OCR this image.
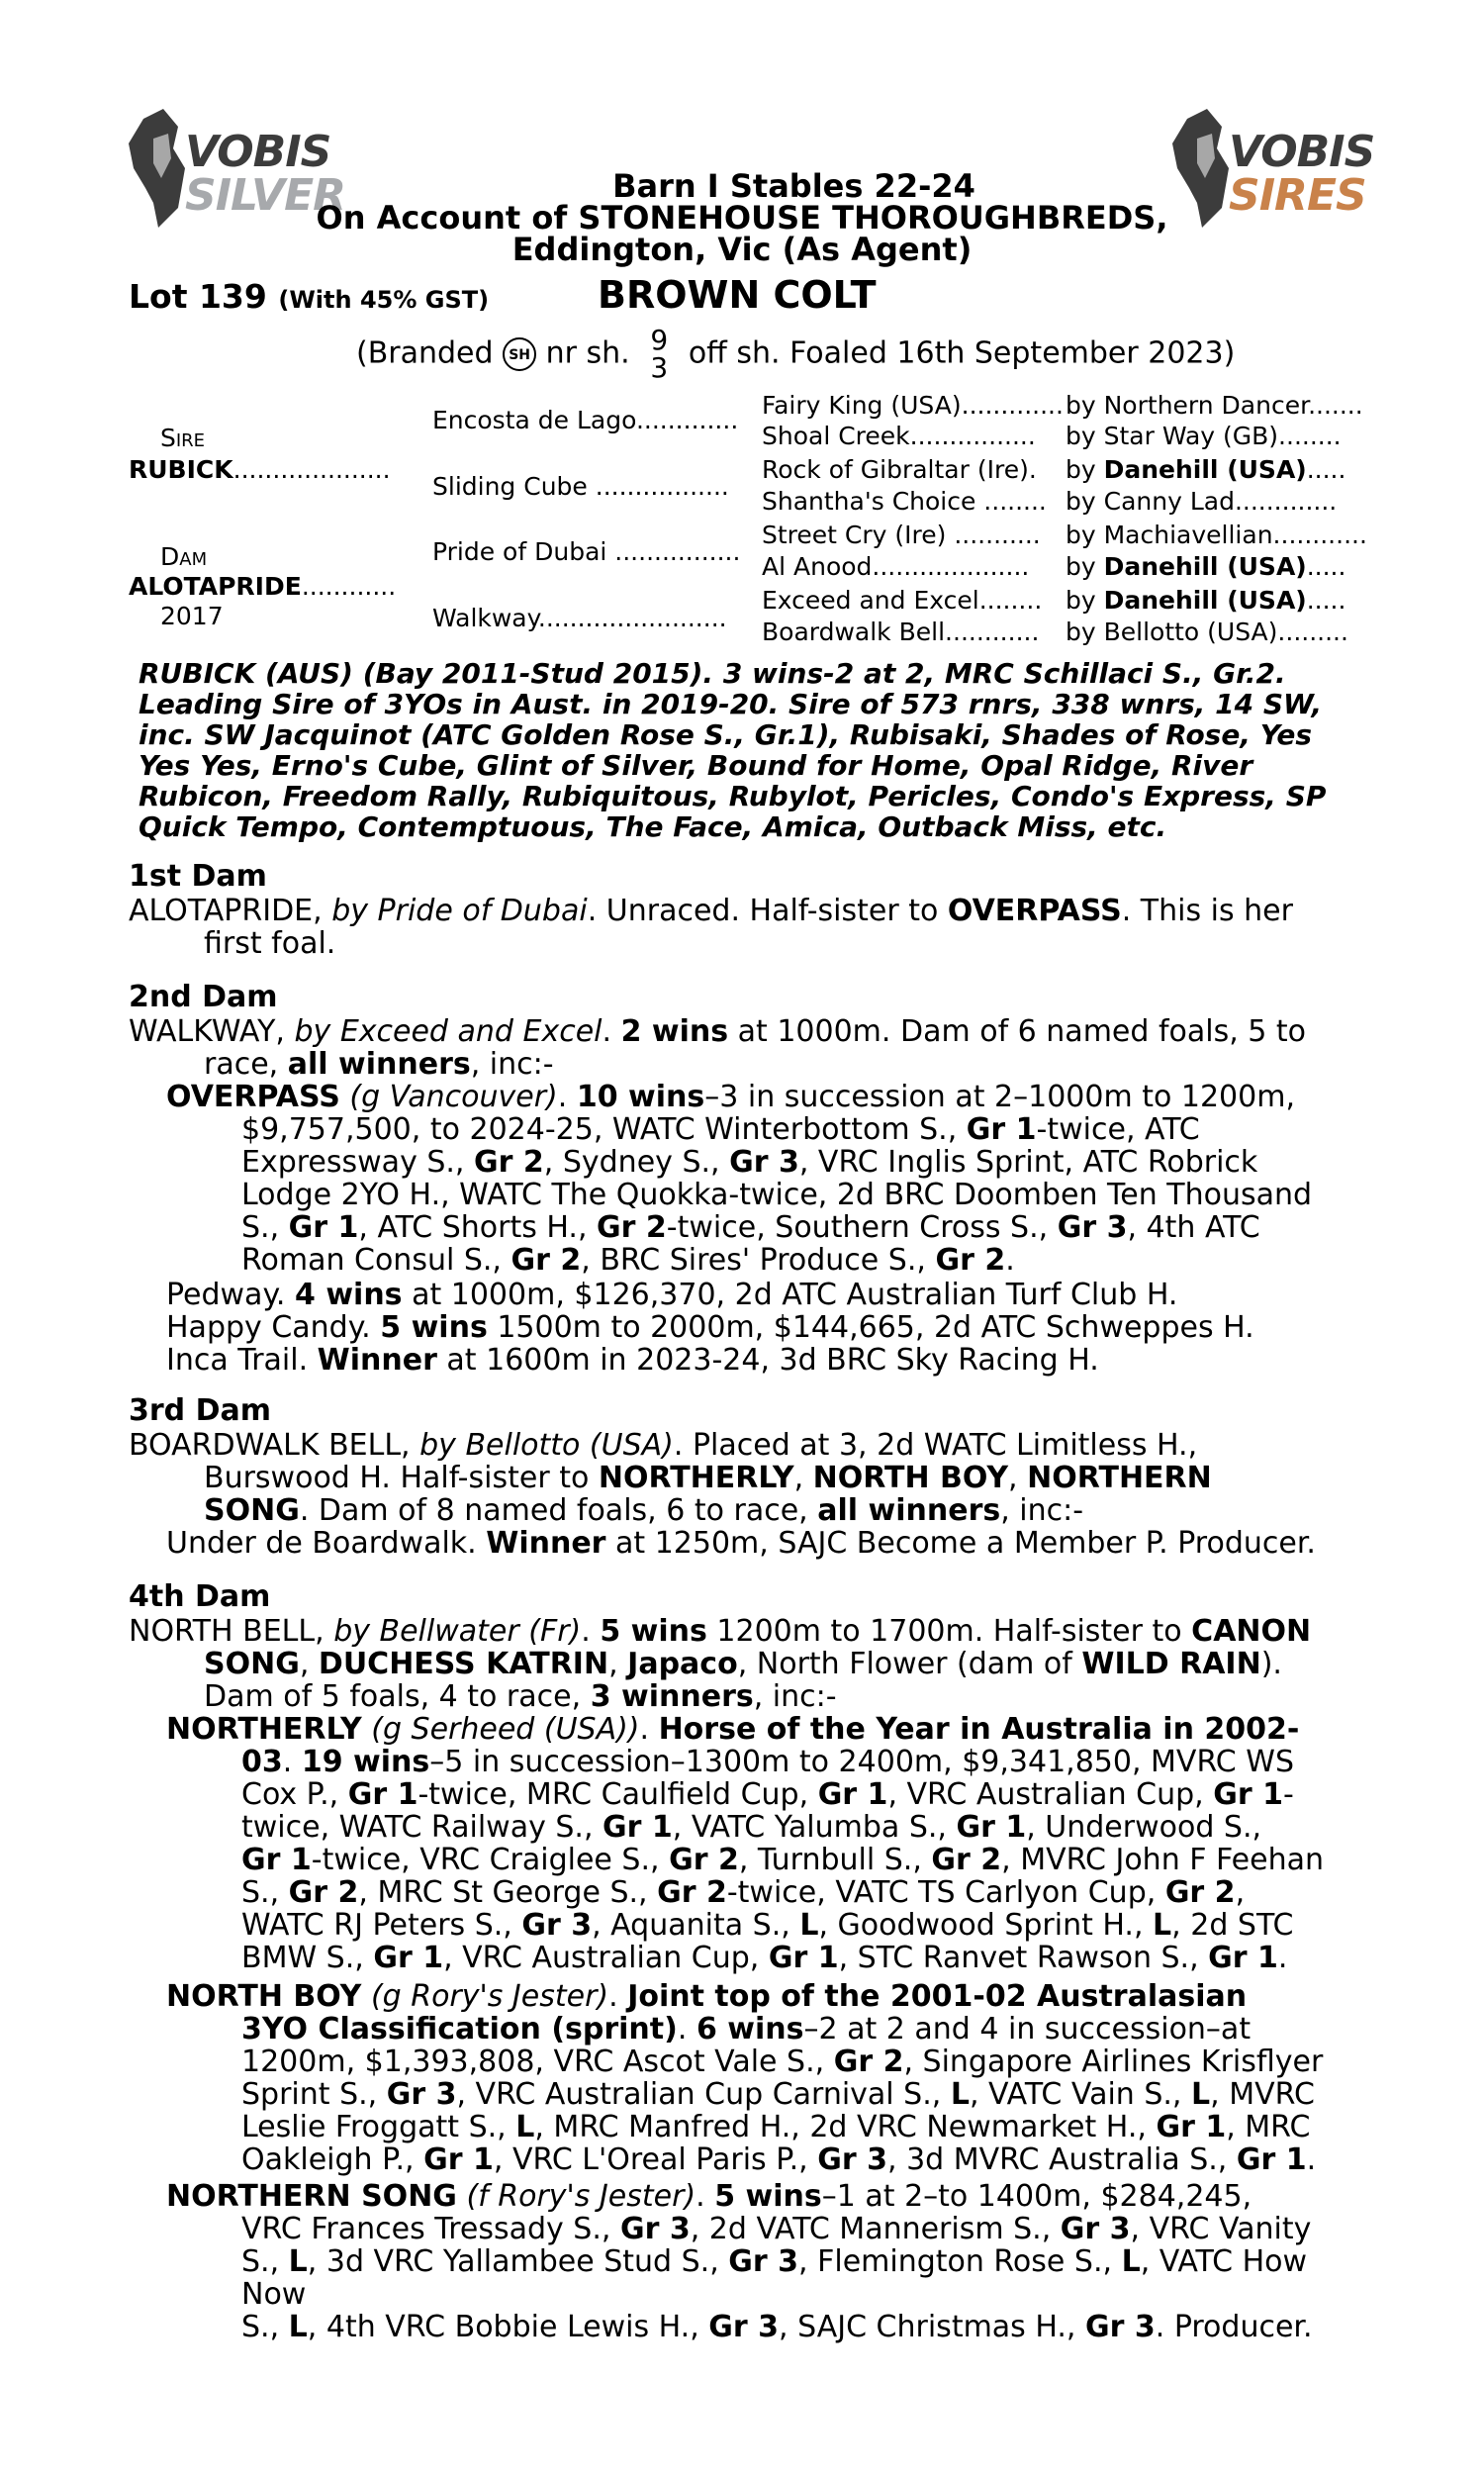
VOBIS
SILVER
VOBIS
SIRES
Barn I Stables 22-24
On Account of STONEHOUSE THOROUGHBREDS,
Eddington, Vic (As Agent)
Lot 139 (With 45% GST)	BROWN COLT
(Branded SH nr sh. 9
3 off sh. Foaled 16th September 2023)
Sire
RUBICK....................
Dam
ALOTAPRIDE............
2017
Encosta de Lago.............
Sliding Cube .................
Pride of Dubai ................
Walkway........................
Fairy King (USA).............
Shoal Creek................
Rock of Gibraltar (Ire).
Shantha's Choice ........
Street Cry (Ire) ...........
Al Anood....................
Exceed and Excel........
Boardwalk Bell............
by Northern Dancer.......
by Star Way (GB)........
by Danehill (USA).....
by Canny Lad.............
by Machiavellian............
by Danehill (USA).....
by Danehill (USA).....
by Bellotto (USA).........
RUBICK (AUS) (Bay 2011-Stud 2015). 3 wins-2 at 2, MRC Schillaci S., Gr.2.
Leading Sire of 3YOs in Aust. in 2019-20. Sire of 573 rnrs, 338 wnrs, 14 SW,
inc. SW Jacquinot (ATC Golden Rose S., Gr.1), Rubisaki, Shades of Rose, Yes
Yes Yes, Erno's Cube, Glint of Silver, Bound for Home, Opal Ridge, River
Rubicon, Freedom Rally, Rubiquitous, Rubylot, Pericles, Condo's Express, SP
Quick Tempo, Contemptuous, The Face, Amica, Outback Miss, etc.
1st Dam
ALOTAPRIDE, by Pride of Dubai. Unraced. Half-sister to OVERPASS. This is her
first foal.
2nd Dam
WALKWAY, by Exceed and Excel. 2 wins at 1000m. Dam of 6 named foals, 5 to
race, all winners, inc:-
OVERPASS (g Vancouver). 10 wins–3 in succession at 2–1000m to 1200m,
$9,757,500, to 2024-25, WATC Winterbottom S., Gr 1-twice, ATC
Expressway S., Gr 2, Sydney S., Gr 3, VRC Inglis Sprint, ATC Robrick
Lodge 2YO H., WATC The Quokka-twice, 2d BRC Doomben Ten Thousand
S., Gr 1, ATC Shorts H., Gr 2-twice, Southern Cross S., Gr 3, 4th ATC
Roman Consul S., Gr 2, BRC Sires' Produce S., Gr 2.
Pedway. 4 wins at 1000m, $126,370, 2d ATC Australian Turf Club H.
Happy Candy. 5 wins 1500m to 2000m, $144,665, 2d ATC Schweppes H.
Inca Trail. Winner at 1600m in 2023-24, 3d BRC Sky Racing H.
3rd Dam
BOARDWALK BELL, by Bellotto (USA). Placed at 3, 2d WATC Limitless H.,
Burswood H. Half-sister to NORTHERLY, NORTH BOY, NORTHERN
SONG. Dam of 8 named foals, 6 to race, all winners, inc:-
Under de Boardwalk. Winner at 1250m, SAJC Become a Member P. Producer.
4th Dam
NORTH BELL, by Bellwater (Fr). 5 wins 1200m to 1700m. Half-sister to CANON
SONG, DUCHESS KATRIN, Japaco, North Flower (dam of WILD RAIN).
Dam of 5 foals, 4 to race, 3 winners, inc:-
NORTHERLY (g Serheed (USA)). Horse of the Year in Australia in 2002-
03. 19 wins–5 in succession–1300m to 2400m, $9,341,850, MVRC WS
Cox P., Gr 1-twice, MRC Caulfield Cup, Gr 1, VRC Australian Cup, Gr 1-
twice, WATC Railway S., Gr 1, VATC Yalumba S., Gr 1, Underwood S.,
Gr 1-twice, VRC Craiglee S., Gr 2, Turnbull S., Gr 2, MVRC John F Feehan
S., Gr 2, MRC St George S., Gr 2-twice, VATC TS Carlyon Cup, Gr 2,
WATC RJ Peters S., Gr 3, Aquanita S., L, Goodwood Sprint H., L, 2d STC
BMW S., Gr 1, VRC Australian Cup, Gr 1, STC Ranvet Rawson S., Gr 1.
NORTH BOY (g Rory's Jester). Joint top of the 2001-02 Australasian
3YO Classification (sprint). 6 wins–2 at 2 and 4 in succession–at
1200m, $1,393,808, VRC Ascot Vale S., Gr 2, Singapore Airlines Krisflyer
Sprint S., Gr 3, VRC Australian Cup Carnival S., L, VATC Vain S., L, MVRC
Leslie Froggatt S., L, MRC Manfred H., 2d VRC Newmarket H., Gr 1, MRC
Oakleigh P., Gr 1, VRC L'Oreal Paris P., Gr 3, 3d MVRC Australia S., Gr 1.
NORTHERN SONG (f Rory's Jester). 5 wins–1 at 2–to 1400m, $284,245,
VRC Frances Tressady S., Gr 3, 2d VATC Mannerism S., Gr 3, VRC Vanity
S., L, 3d VRC Yallambee Stud S., Gr 3, Flemington Rose S., L, VATC How Now
S., L, 4th VRC Bobbie Lewis H., Gr 3, SAJC Christmas H., Gr 3. Producer.
